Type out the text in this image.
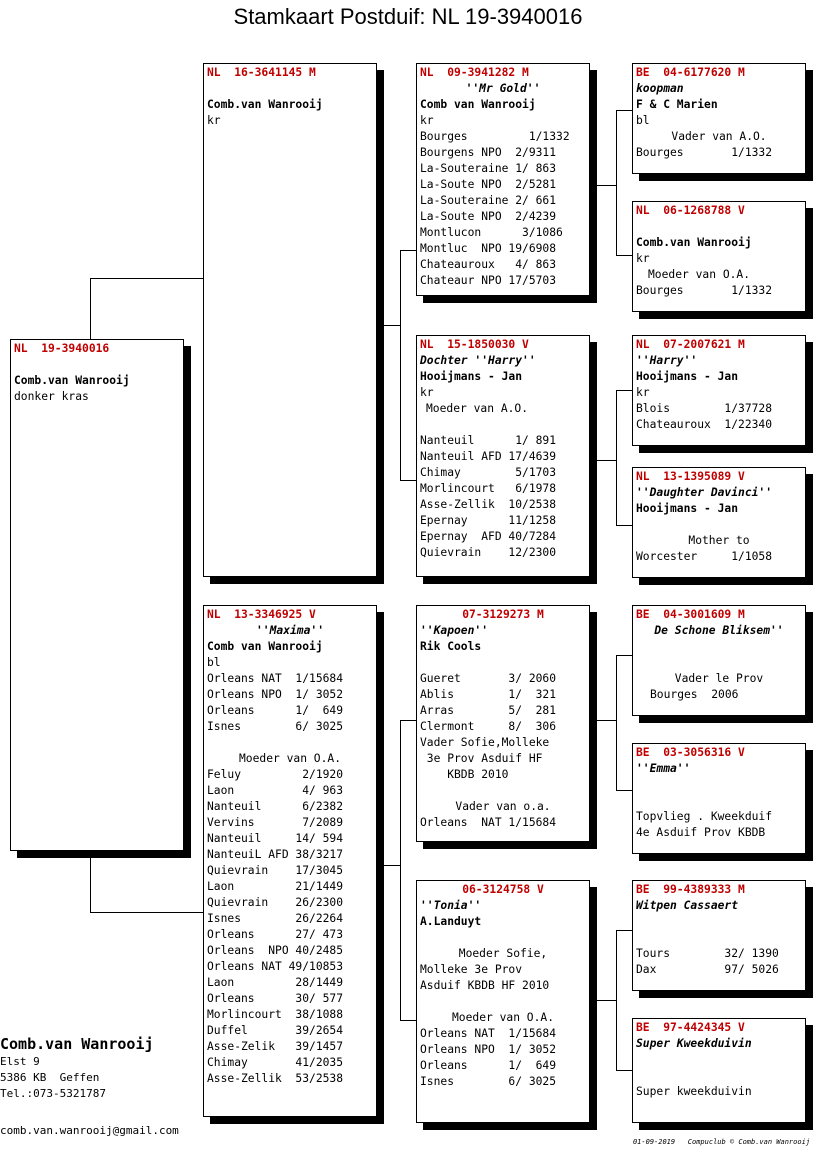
Stamkaart Postduif: NL 19-3940016
NL  19-3940016

Comb.van Wanrooij
donker kras
NL  16-3641145 M

Comb.van Wanrooij
kr
NL  13-3346925 V
''Maxima''
Comb van Wanrooij
bl
Orleans NAT  1/15684
Orleans NPO  1/ 3052
Orleans      1/  649
Isnes        6/ 3025

Moeder van O.A.
Feluy         2/1920
Laon          4/ 963
Nanteuil      6/2382
Vervins       7/2089
Nanteuil     14/ 594
NanteuiL AFD 38/3217
Quievrain    17/3045
Laon         21/1449
Quievrain    26/2300
Isnes        26/2264
Orleans      27/ 473
Orleans  NPO 40/2485
Orleans NAT 49/10853
Laon         28/1449
Orleans      30/ 577
Morlincourt  38/1088
Duffel       39/2654
Asse-Zelik   39/1457
Chimay       41/2035
Asse-Zellik  53/2538
NL  09-3941282 M
''Mr Gold''
Comb van Wanrooij
kr
Bourges         1/1332
Bourgens NPO  2/9311
La-Souteraine 1/ 863
La-Soute NPO  2/5281
La-Souteraine 2/ 661
La-Soute NPO  2/4239
Montlucon      3/1086
Montluc  NPO 19/6908
Chateauroux   4/ 863
Chateaur NPO 17/5703
NL  15-1850030 V
Dochter ''Harry''
Hooijmans - Jan
kr
Moeder van A.O.

Nanteuil      1/ 891
Nanteuil AFD 17/4639
Chimay        5/1703
Morlincourt   6/1978
Asse-Zellik  10/2538
Epernay      11/1258
Epernay  AFD 40/7284
Quievrain    12/2300
07-3129273 M
''Kapoen''
Rik Cools

Gueret       3/ 2060
Ablis        1/  321
Arras        5/  281
Clermont     8/  306
Vader Sofie,Molleke
3e Prov Asduif HF
KBDB 2010

Vader van o.a.
Orleans  NAT 1/15684
06-3124758 V
''Tonia''
A.Landuyt

Moeder Sofie,
Molleke 3e Prov
Asduif KBDB HF 2010

Moeder van O.A.
Orleans NAT  1/15684
Orleans NPO  1/ 3052
Orleans      1/  649
Isnes        6/ 3025
BE  04-6177620 M
koopman
F & C Marien
bl
Vader van A.O.
Bourges       1/1332
NL  06-1268788 V

Comb.van Wanrooij
kr
Moeder van O.A.
Bourges       1/1332
NL  07-2007621 M
''Harry''
Hooijmans - Jan
kr
Blois        1/37728
Chateauroux  1/22340
NL  13-1395089 V
''Daughter Davinci''
Hooijmans - Jan

Mother to
Worcester     1/1058
BE  04-3001609 M
De Schone Bliksem''

Vader le Prov
Bourges  2006
BE  03-3056316 V
''Emma''

Topvlieg . Kweekduif
4e Asduif Prov KBDB
BE  99-4389333 M
Witpen Cassaert

Tours        32/ 1390
Dax          97/ 5026
BE  97-4424345 V
Super Kweekduivin

Super kweekduivin
Comb.van Wanrooij
Elst 9
5386 KB  Geffen
Tel.:073-5321787
comb.van.wanrooij@gmail.com
01-09-2019 Compuclub © Comb.van Wanrooij
